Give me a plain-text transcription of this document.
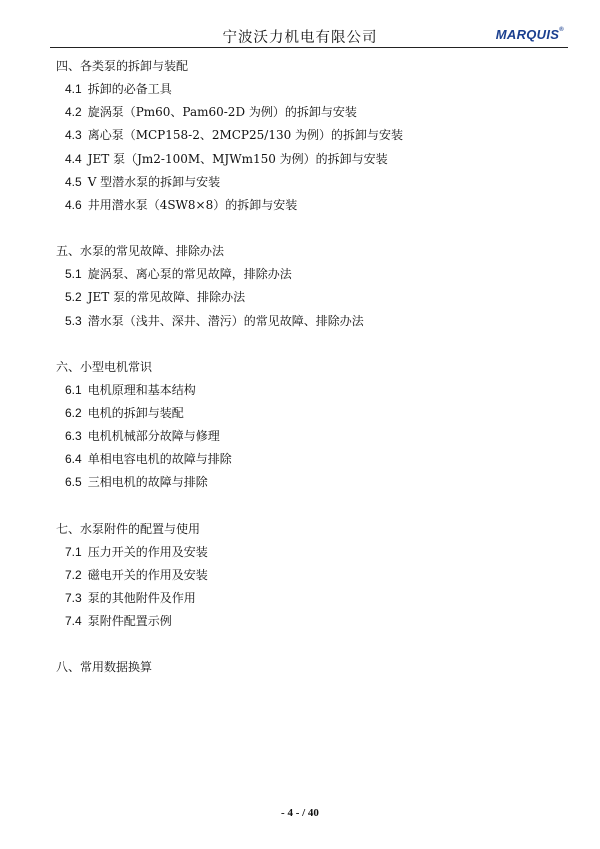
宁波沃力机电有限公司	MARQUIS®
四、各类泵的拆卸与装配
4.1 拆卸的必备工具
4.2 旋涡泵（Pm60、Pam60-2D 为例）的拆卸与安装
4.3 离心泵（MCP158-2、2MCP25/130 为例）的拆卸与安装
4.4 JET 泵（Jm2-100M、MJWm150 为例）的拆卸与安装
4.5 V 型潜水泵的拆卸与安装
4.6 井用潜水泵（4SW8×8）的拆卸与安装
五、水泵的常见故障、排除办法
5.1 旋涡泵、离心泵的常见故障，排除办法
5.2 JET 泵的常见故障、排除办法
5.3 潜水泵（浅井、深井、潜污）的常见故障、排除办法
六、小型电机常识
6.1 电机原理和基本结构
6.2 电机的拆卸与装配
6.3 电机机械部分故障与修理
6.4 单相电容电机的故障与排除
6.5 三相电机的故障与排除
七、水泵附件的配置与使用
7.1 压力开关的作用及安装
7.2 磁电开关的作用及安装
7.3 泵的其他附件及作用
7.4 泵附件配置示例
八、常用数据换算
- 4 - / 40
